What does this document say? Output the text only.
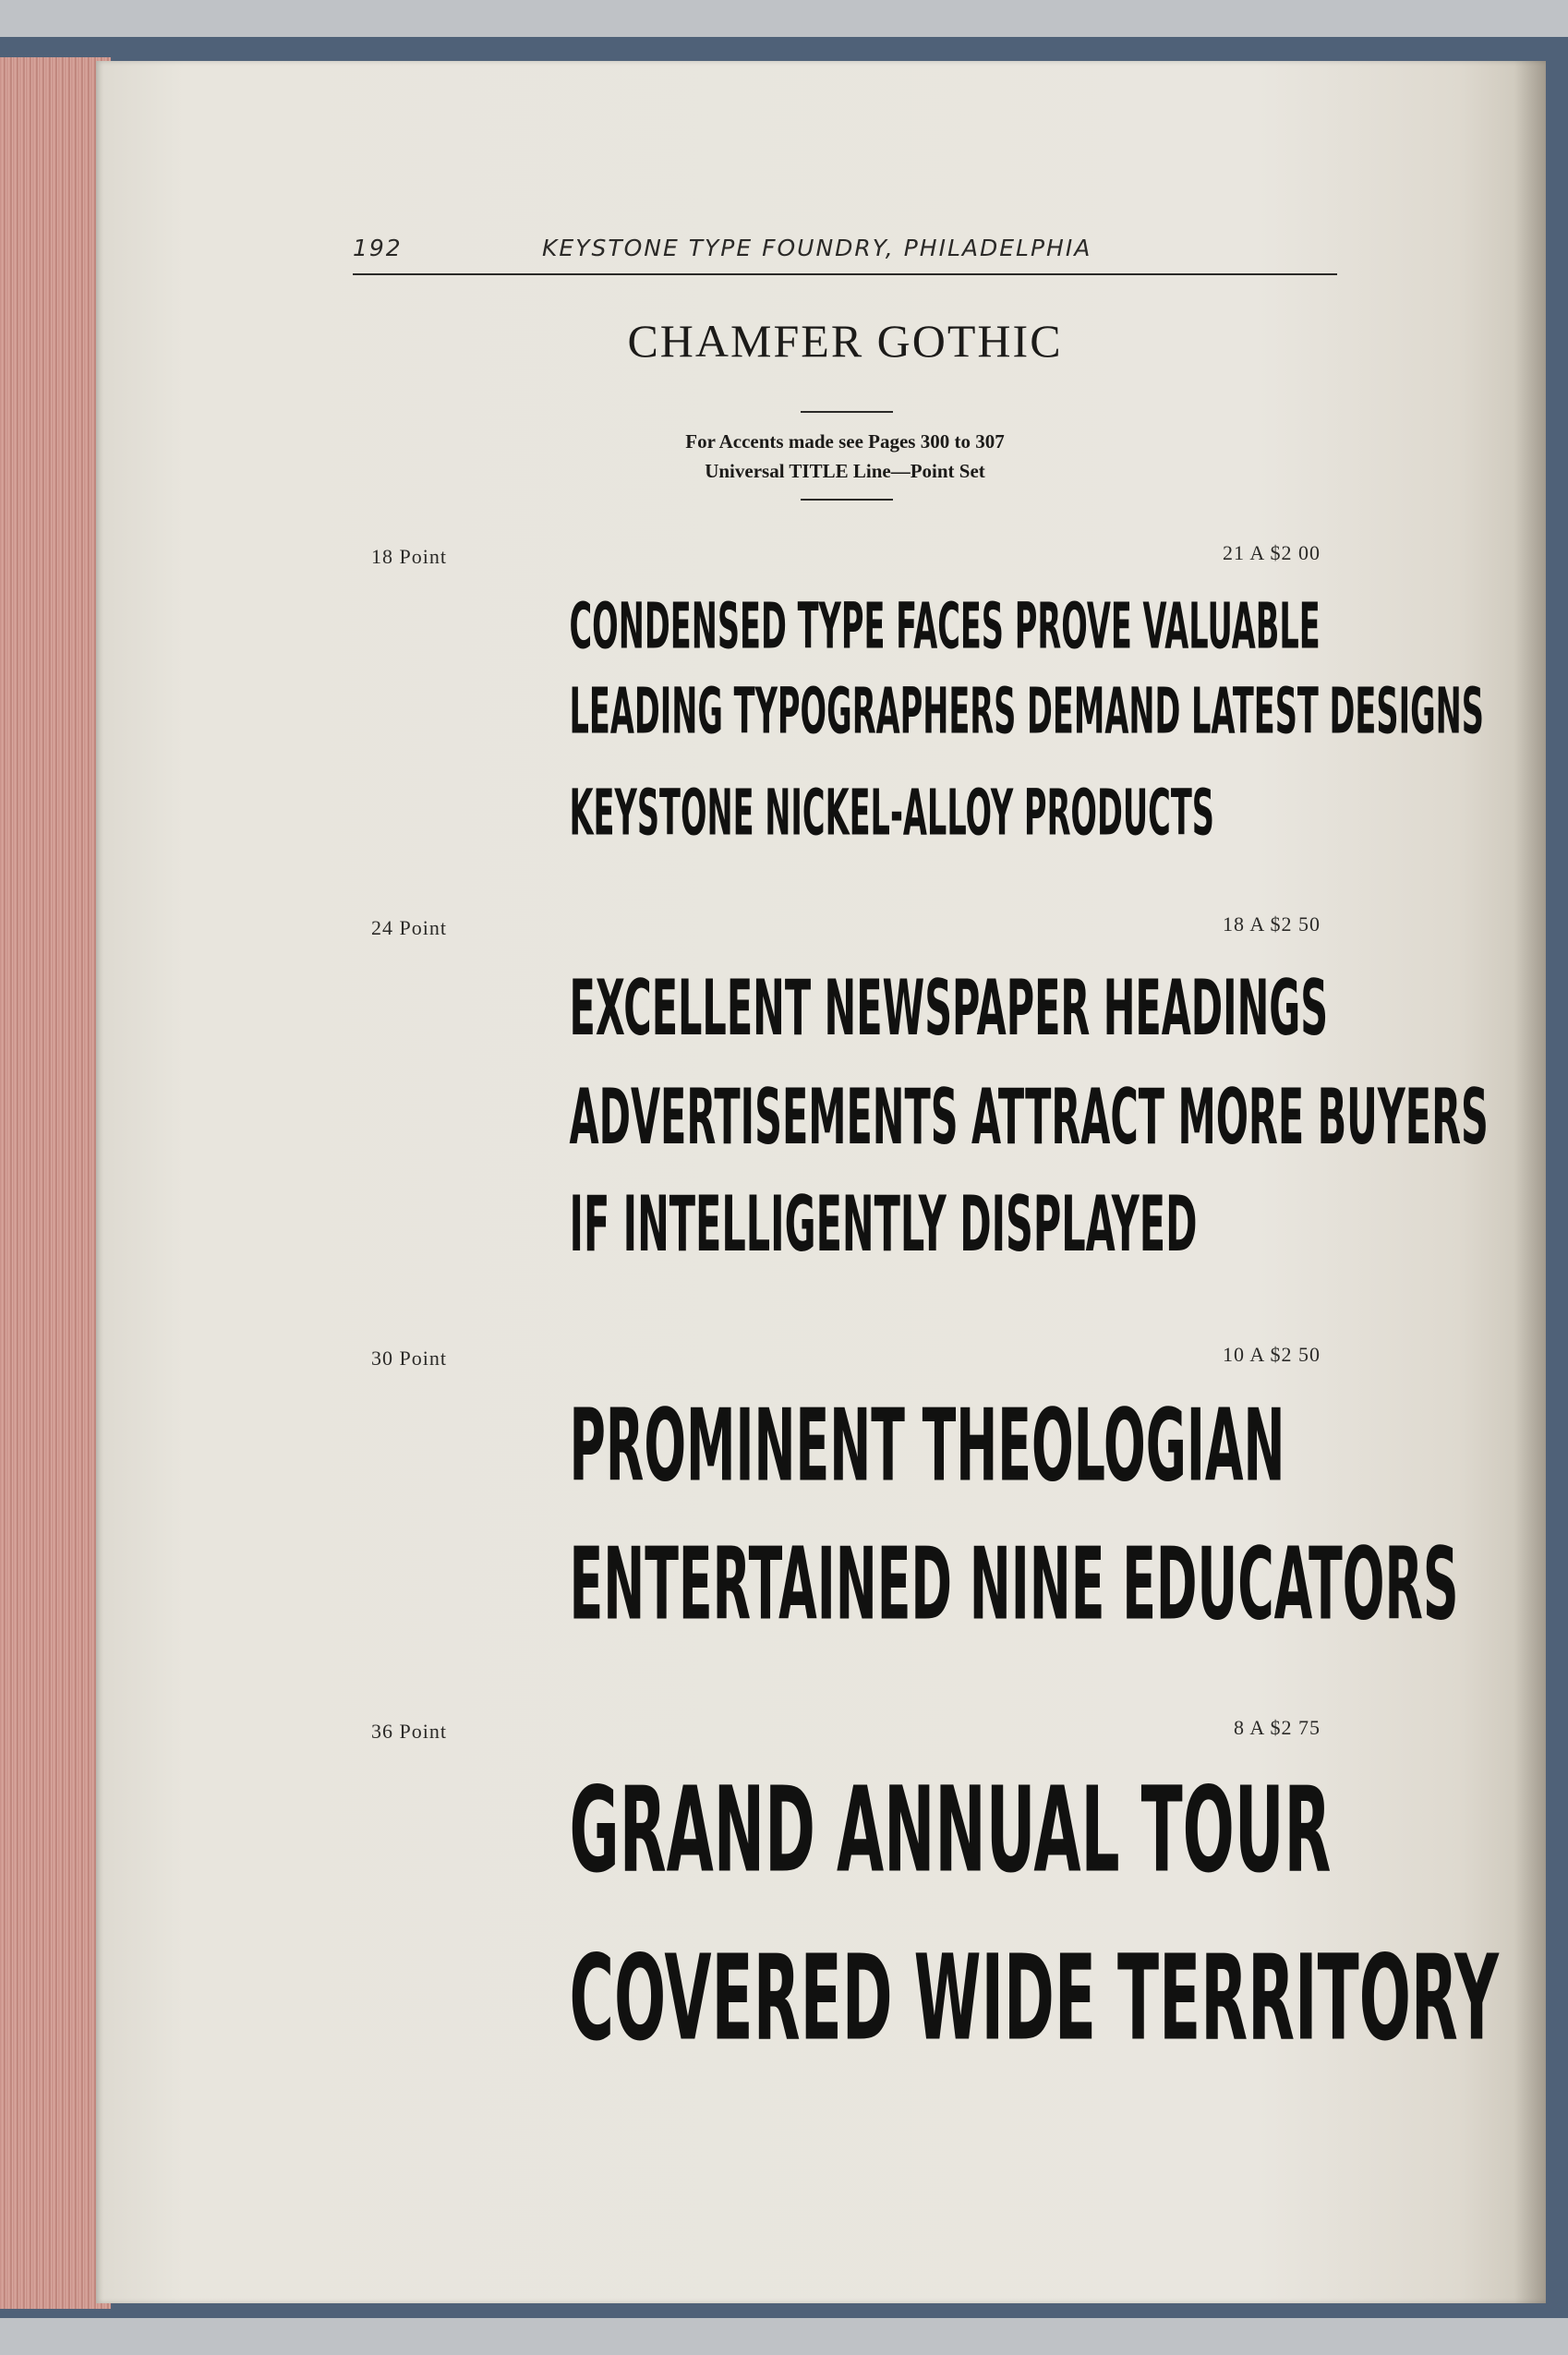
192	KEYSTONE TYPE FOUNDRY, PHILADELPHIA
CHAMFER GOTHIC
For Accents made see Pages 300 to 307
Universal TITLE Line—Point Set
18 Point	21 A $2 00
CONDENSED TYPE FACES PROVE VALUABLE
LEADING TYPOGRAPHERS DEMAND LATEST DESIGNS
KEYSTONE NICKEL-ALLOY PRODUCTS
24 Point	18 A $2 50
EXCELLENT NEWSPAPER HEADINGS
ADVERTISEMENTS ATTRACT MORE BUYERS
IF INTELLIGENTLY DISPLAYED
30 Point	10 A $2 50
PROMINENT THEOLOGIAN
ENTERTAINED NINE EDUCATORS
36 Point	8 A $2 75
GRAND ANNUAL TOUR
COVERED WIDE TERRITORY
